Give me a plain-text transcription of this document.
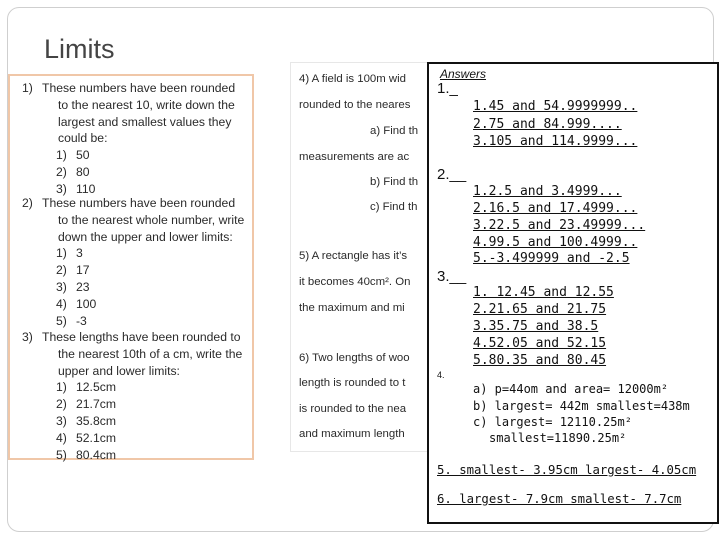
Limits
1) These numbers have been rounded
to the nearest 10, write down the
largest and smallest values they
could be:
1) 50
2) 80
3) 110
2) These numbers have been rounded
to the nearest whole number, write
down the upper and lower limits:
1) 3
2) 17
3) 23
4) 100
5) -3
3) These lengths have been rounded to
the nearest 10th of a cm, write the
upper and lower limits:
1) 12.5cm
2) 21.7cm
3) 35.8cm
4) 52.1cm
5) 80.4cm
4) A field is 100m wid
rounded to the neares
a) Find th
measurements are ac
b) Find th
c) Find th
5) A rectangle has it’s
it becomes 40cm². On
the maximum and mi
6) Two lengths of woo
length is rounded to t
is rounded to the nea
and maximum length
Answers
1._
1.45 and 54.9999999..
2.75 and 84.999....
3.105 and 114.9999...
2.__
1.2.5 and 3.4999...
2.16.5 and 17.4999...
3.22.5 and 23.49999...
4.99.5 and 100.4999..
5.-3.499999 and -2.5
3.__
1. 12.45 and 12.55
2.21.65 and 21.75
3.35.75 and 38.5
4.52.05 and 52.15
5.80.35 and 80.45
4.
a) p=44om and area= 12000m²
b) largest= 442m smallest=438m
c) largest= 12110.25m²
smallest=11890.25m²
5. smallest- 3.95cm largest- 4.05cm
6. largest- 7.9cm smallest- 7.7cm
